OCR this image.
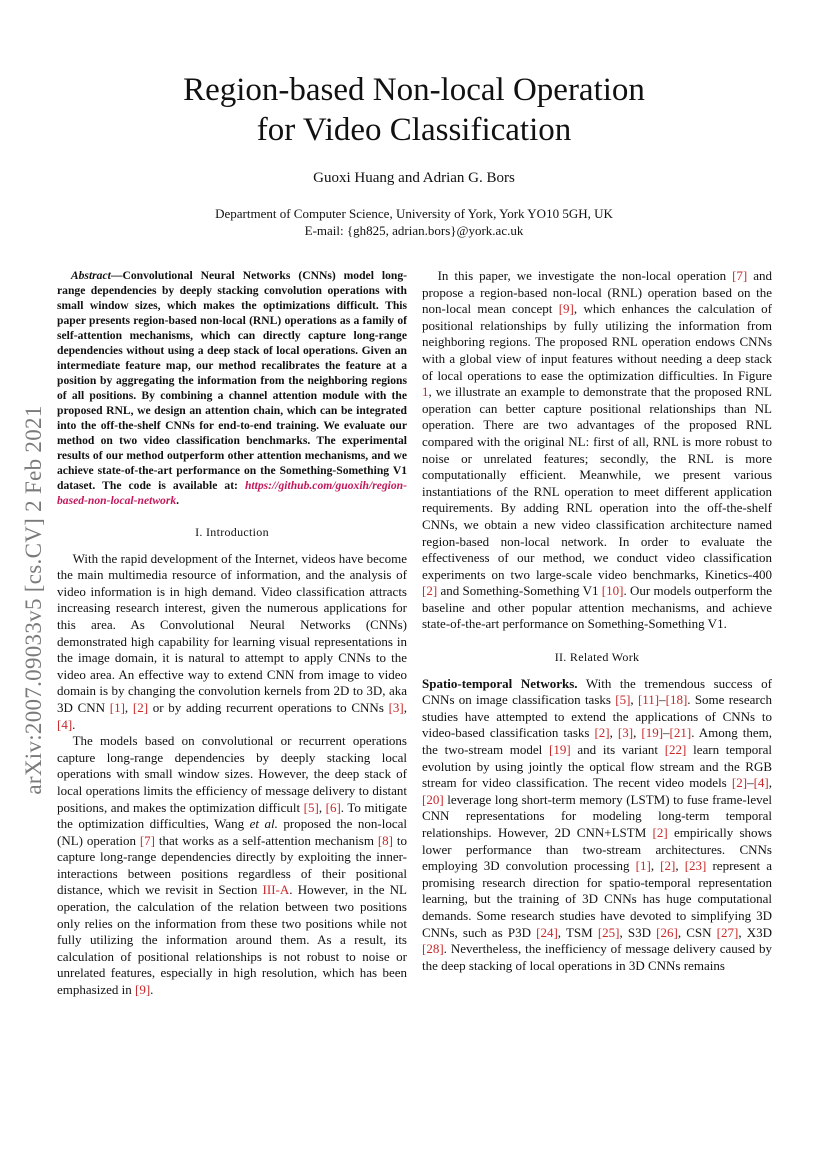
Region-based Non-local Operation
for Video Classification
Guoxi Huang and Adrian G. Bors
Department of Computer Science, University of York, York YO10 5GH, UK
E-mail: {gh825, adrian.bors}@york.ac.uk
arXiv:2007.09033v5 [cs.CV] 2 Feb 2021

Abstract—Convolutional Neural Networks (CNNs) model long-range dependencies by deeply stacking convolution operations with small window sizes, which makes the optimizations difficult. This paper presents region-based non-local (RNL) operations as a family of self-attention mechanisms, which can directly capture long-range dependencies without using a deep stack of local operations. Given an intermediate feature map, our method recalibrates the feature at a position by aggregating the information from the neighboring regions of all positions. By combining a channel attention module with the proposed RNL, we design an attention chain, which can be integrated into the off-the-shelf CNNs for end-to-end training. We evaluate our method on two video classification benchmarks. The experimental results of our method outperform other attention mechanisms, and we achieve state-of-the-art performance on the Something-Something V1 dataset. The code is available at: https://github.com/guoxih/region-based-non-local-network.

I. Introduction

With the rapid development of the Internet, videos have become the main multimedia resource of information, and the analysis of video information is in high demand. Video classification attracts increasing research interest, given the numerous applications for this area. As Convolutional Neural Networks (CNNs) demonstrated high capability for learning visual representations in the image domain, it is natural to attempt to apply CNNs to the video area. An effective way to extend CNN from image to video domain is by changing the convolution kernels from 2D to 3D, aka 3D CNN [1], [2] or by adding recurrent operations to CNNs [3], [4].

The models based on convolutional or recurrent operations capture long-range dependencies by deeply stacking local operations with small window sizes. However, the deep stack of local operations limits the efficiency of message delivery to distant positions, and makes the optimization difficult [5], [6]. To mitigate the optimization difficulties, Wang et al. proposed the non-local (NL) operation [7] that works as a self-attention mechanism [8] to capture long-range dependencies directly by exploiting the inner-interactions between positions regardless of their positional distance, which we revisit in Section III-A. However, in the NL operation, the calculation of the relation between two positions only relies on the information from these two positions while not fully utilizing the information around them. As a result, its calculation of positional relationships is not robust to noise or unrelated features, especially in high resolution, which has been emphasized in [9].

In this paper, we investigate the non-local operation [7] and propose a region-based non-local (RNL) operation based on the non-local mean concept [9], which enhances the calculation of positional relationships by fully utilizing the information from neighboring regions. The proposed RNL operation endows CNNs with a global view of input features without needing a deep stack of local operations to ease the optimization difficulties. In Figure 1, we illustrate an example to demonstrate that the proposed RNL operation can better capture positional relationships than NL operation. There are two advantages of the proposed RNL compared with the original NL: first of all, RNL is more robust to noise or unrelated features; secondly, the RNL is more computationally efficient. Meanwhile, we present various instantiations of the RNL operation to meet different application requirements. By adding RNL operation into the off-the-shelf CNNs, we obtain a new video classification architecture named region-based non-local network. In order to evaluate the effectiveness of our method, we conduct video classification experiments on two large-scale video benchmarks, Kinetics-400 [2] and Something-Something V1 [10]. Our models outperform the baseline and other popular attention mechanisms, and achieve state-of-the-art performance on Something-Something V1.

II. Related Work

Spatio-temporal Networks. With the tremendous success of CNNs on image classification tasks [5], [11]–[18]. Some research studies have attempted to extend the applications of CNNs to video-based classification tasks [2], [3], [19]–[21]. Among them, the two-stream model [19] and its variant [22] learn temporal evolution by using jointly the optical flow stream and the RGB stream for video classification. The recent video models [2]–[4], [20] leverage long short-term memory (LSTM) to fuse frame-level CNN representations for modeling long-term temporal relationships. However, 2D CNN+LSTM [2] empirically shows lower performance than two-stream architectures. CNNs employing 3D convolution processing [1], [2], [23] represent a promising research direction for spatio-temporal representation learning, but the training of 3D CNNs has huge computational demands. Some research studies have devoted to simplifying 3D CNNs, such as P3D [24], TSM [25], S3D [26], CSN [27], X3D [28]. Nevertheless, the inefficiency of message delivery caused by the deep stacking of local operations in 3D CNNs remains
